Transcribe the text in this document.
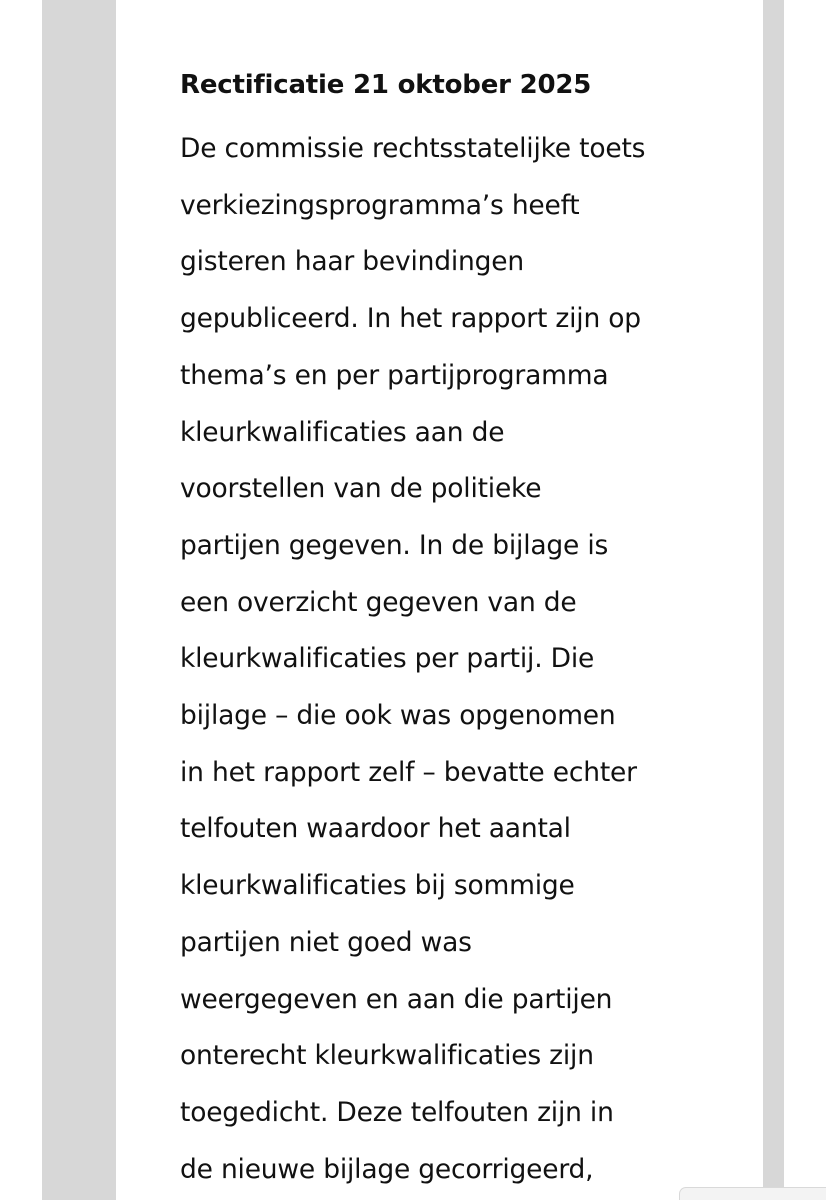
Rectificatie 21 oktober 2025
De commissie rechtsstatelijke toets
verkiezingsprogramma’s heeft
gisteren haar bevindingen
gepubliceerd. In het rapport zijn op
thema’s en per partijprogramma
kleurkwalificaties aan de
voorstellen van de politieke
partijen gegeven. In de bijlage is
een overzicht gegeven van de
kleurkwalificaties per partij. Die
bijlage – die ook was opgenomen
in het rapport zelf – bevatte echter
telfouten waardoor het aantal
kleurkwalificaties bij sommige
partijen niet goed was
weergegeven en aan die partijen
onterecht kleurkwalificaties zijn
toegedicht. Deze telfouten zijn in
de nieuwe bijlage gecorrigeerd,
